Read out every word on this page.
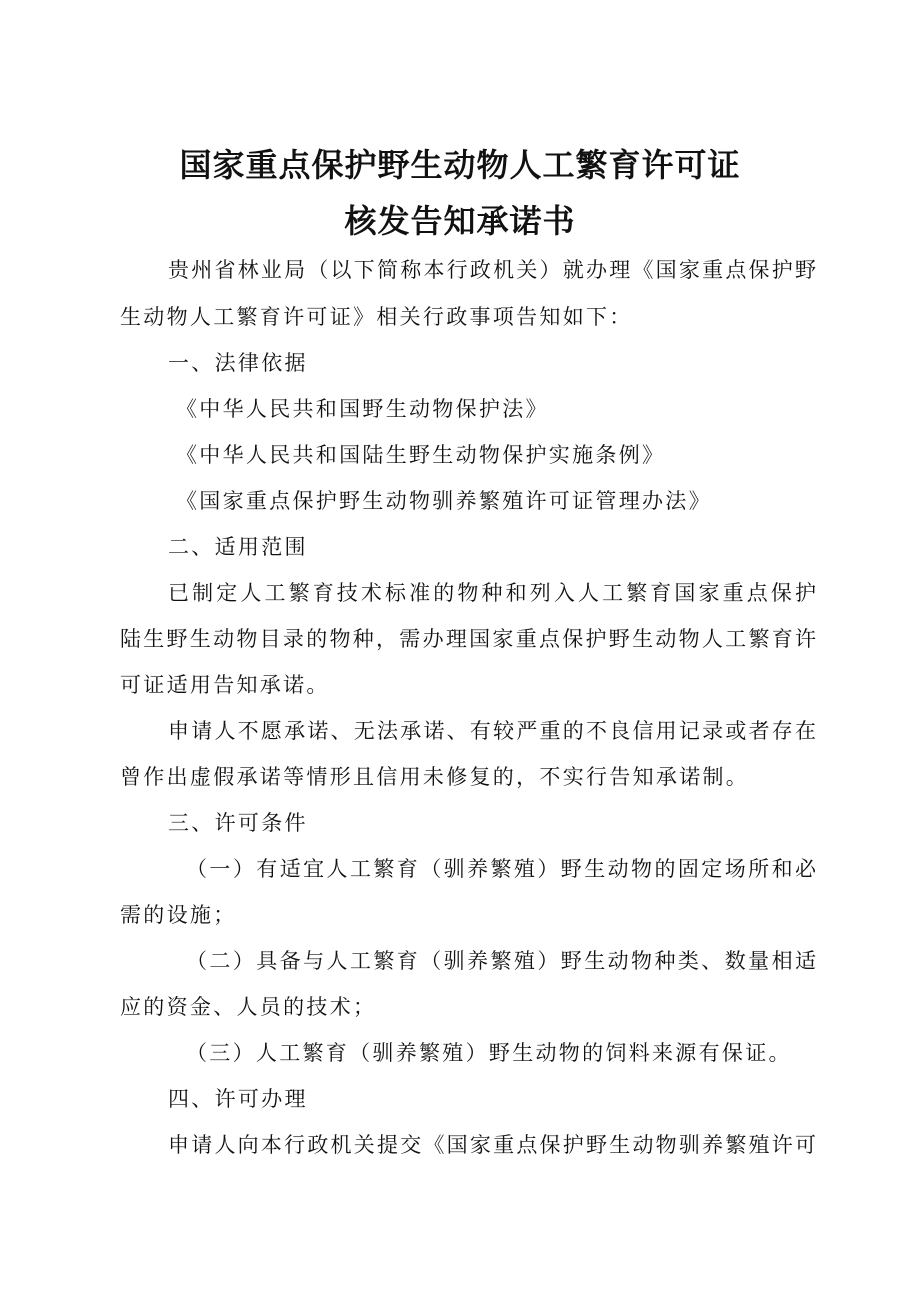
国家重点保护野生动物人工繁育许可证
核发告知承诺书
贵州省林业局（以下简称本行政机关）就办理《国家重点保护野
生动物人工繁育许可证》相关行政事项告知如下：
一、法律依据
《中华人民共和国野生动物保护法》
《中华人民共和国陆生野生动物保护实施条例》
《国家重点保护野生动物驯养繁殖许可证管理办法》
二、适用范围
已制定人工繁育技术标准的物种和列入人工繁育国家重点保护
陆生野生动物目录的物种，需办理国家重点保护野生动物人工繁育许
可证适用告知承诺。
申请人不愿承诺、无法承诺、有较严重的不良信用记录或者存在
曾作出虚假承诺等情形且信用未修复的，不实行告知承诺制。
三、许可条件
（一）有适宜人工繁育（驯养繁殖）野生动物的固定场所和必
需的设施；
（二）具备与人工繁育（驯养繁殖）野生动物种类、数量相适
应的资金、人员的技术；
（三）人工繁育（驯养繁殖）野生动物的饲料来源有保证。
四、许可办理
申请人向本行政机关提交《国家重点保护野生动物驯养繁殖许可
